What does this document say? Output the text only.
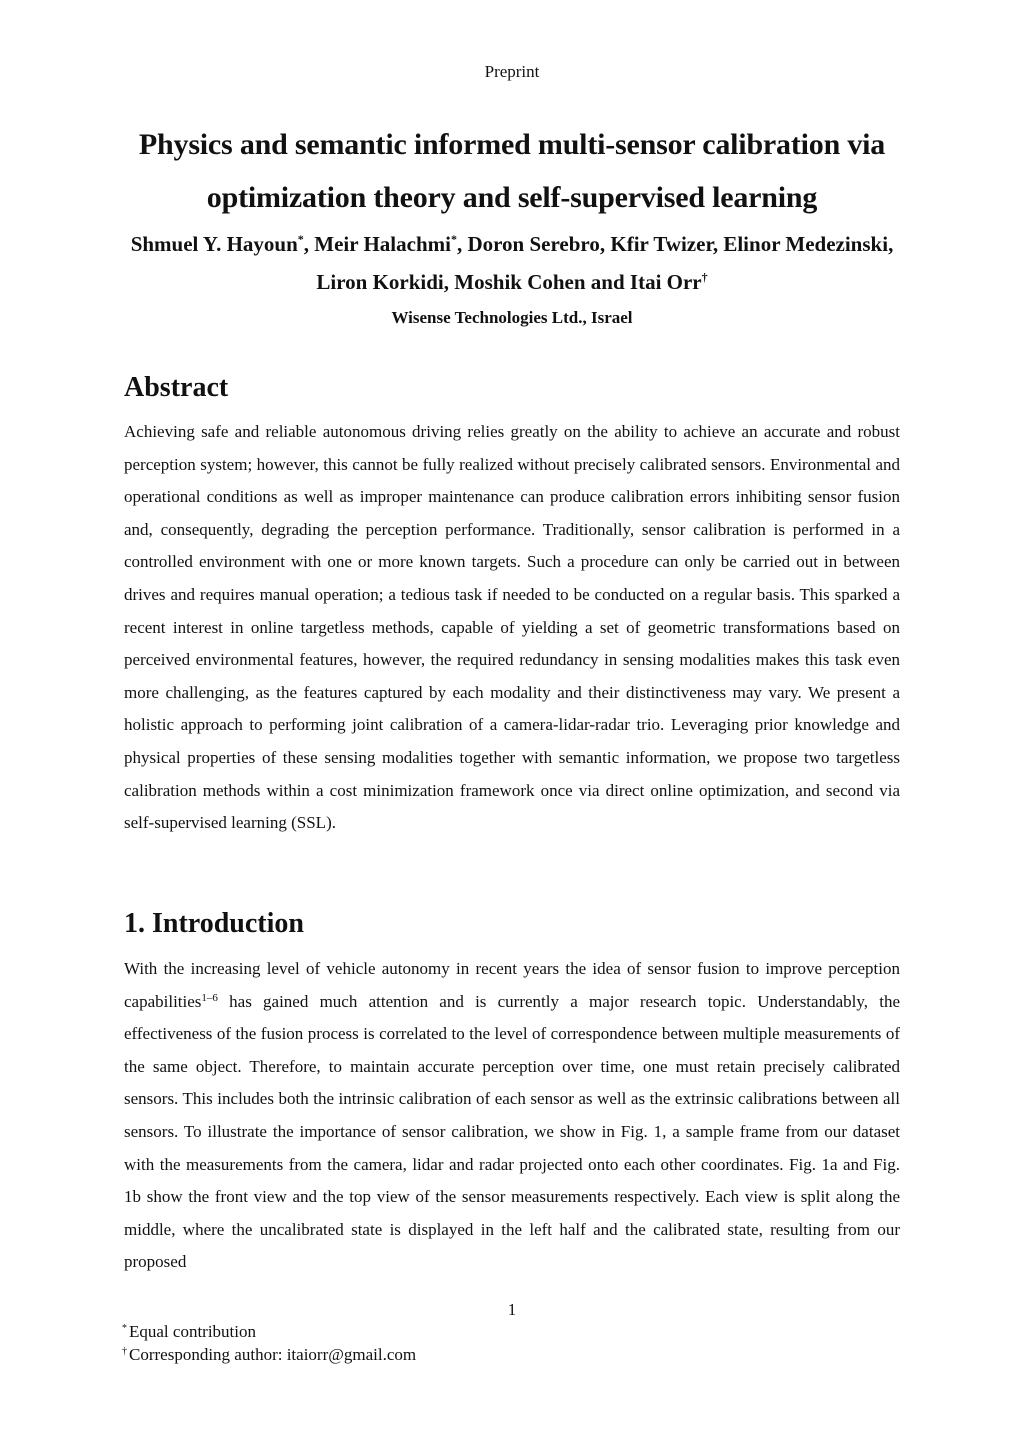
Preprint
Physics and semantic informed multi-sensor calibration via optimization theory and self-supervised learning
Shmuel Y. Hayoun*, Meir Halachmi*, Doron Serebro, Kfir Twizer, Elinor Medezinski, Liron Korkidi, Moshik Cohen and Itai Orr†
Wisense Technologies Ltd., Israel
Abstract

Achieving safe and reliable autonomous driving relies greatly on the ability to achieve an accurate and robust perception system; however, this cannot be fully realized without precisely calibrated sensors. Environmental and operational conditions as well as improper maintenance can produce calibration errors inhibiting sensor fusion and, consequently, degrading the perception performance. Traditionally, sensor calibration is performed in a controlled environment with one or more known targets. Such a procedure can only be carried out in between drives and requires manual operation; a tedious task if needed to be conducted on a regular basis. This sparked a recent interest in online targetless methods, capable of yielding a set of geometric transformations based on perceived environmental features, however, the required redundancy in sensing modalities makes this task even more challenging, as the features captured by each modality and their distinctiveness may vary. We present a holistic approach to performing joint calibration of a camera-lidar-radar trio. Leveraging prior knowledge and physical properties of these sensing modalities together with semantic information, we propose two targetless calibration methods within a cost minimization framework once via direct online optimization, and second via self-supervised learning (SSL).

1. Introduction

With the increasing level of vehicle autonomy in recent years the idea of sensor fusion to improve perception capabilities$^{1-6}$ has gained much attention and is currently a major research topic. Understandably, the effectiveness of the fusion process is correlated to the level of correspondence between multiple measurements of the same object. Therefore, to maintain accurate perception over time, one must retain precisely calibrated sensors. This includes both the intrinsic calibration of each sensor as well as the extrinsic calibrations between all sensors. To illustrate the importance of sensor calibration, we show in Fig. 1, a sample frame from our dataset with the measurements from the camera, lidar and radar projected onto each other coordinates. Fig. 1a and Fig. 1b show the front view and the top view of the sensor measurements respectively. Each view is split along the middle, where the uncalibrated state is displayed in the left half and the calibrated state, resulting from our proposed

1
* Equal contribution
† Corresponding author: itaiorr@gmail.com
